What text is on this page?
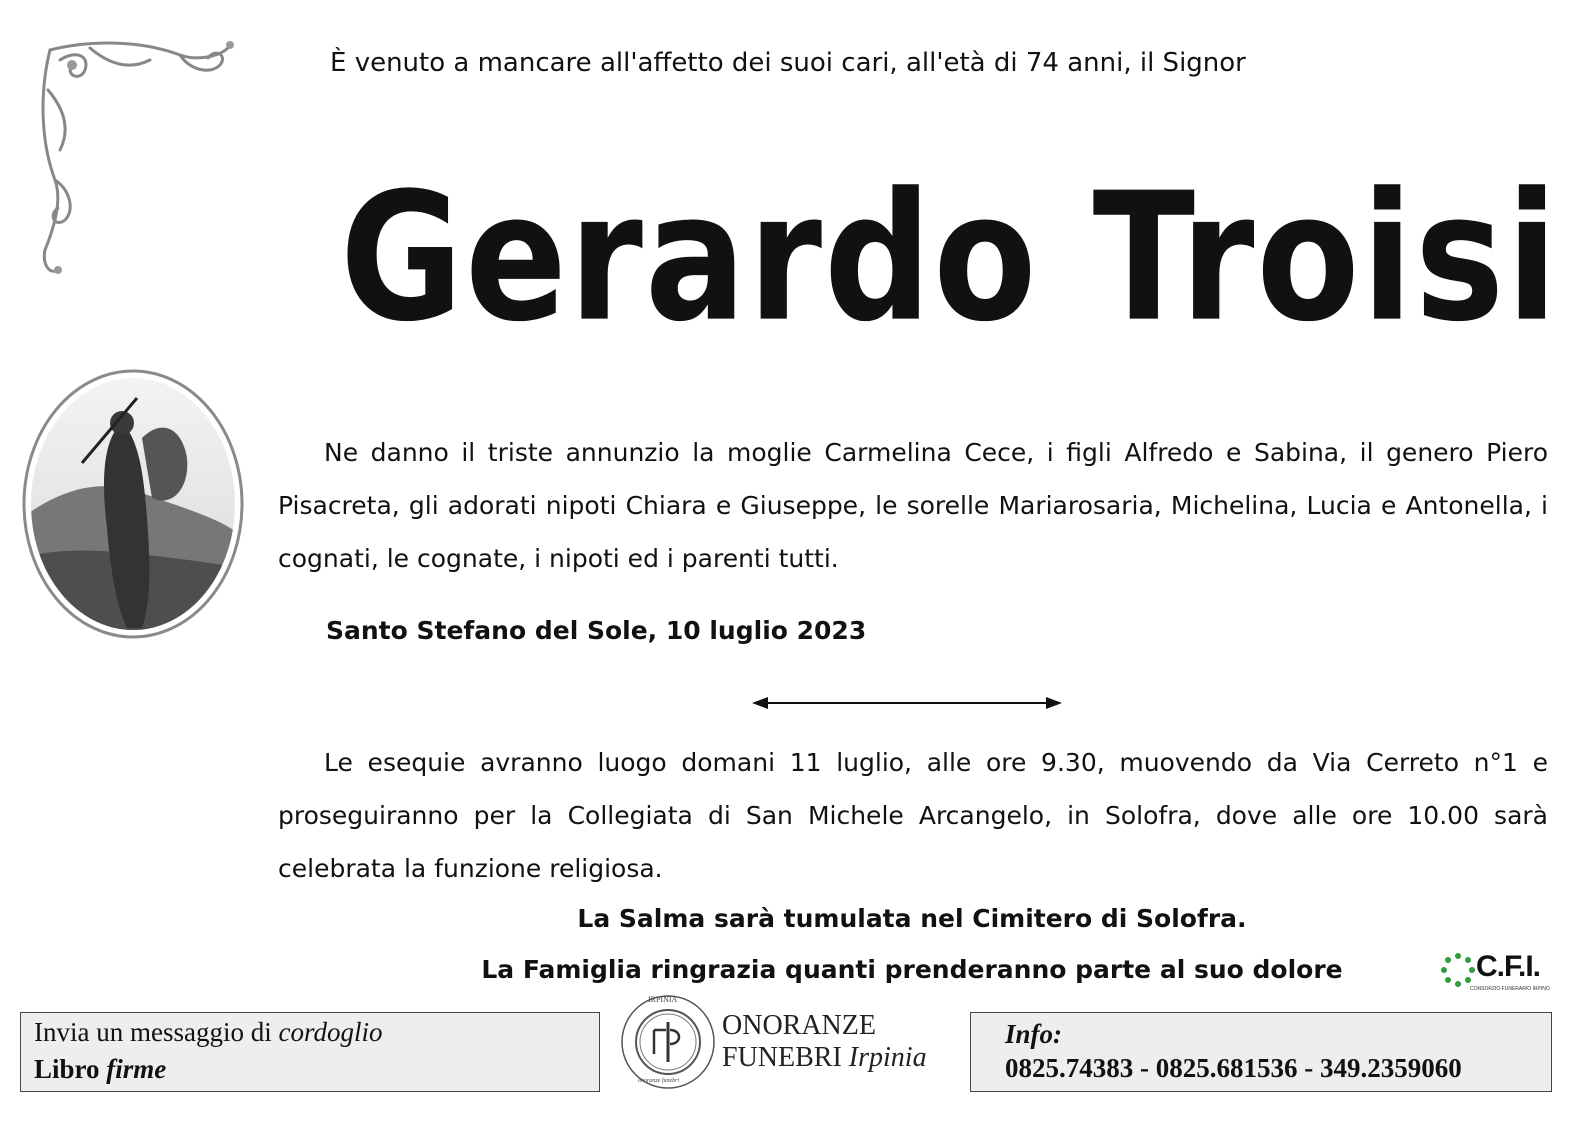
È venuto a mancare all'affetto dei suoi cari, all'età di 74 anni, il Signor
Gerardo Troisi
Ne danno il triste annunzio la moglie Carmelina Cece, i figli Alfredo e Sabina, il genero Piero Pisacreta, gli adorati nipoti Chiara e Giuseppe, le sorelle Mariarosaria, Michelina, Lucia e Antonella, i cognati, le cognate, i nipoti ed i parenti tutti.
Santo Stefano del Sole, 10 luglio 2023
Le esequie avranno luogo domani 11 luglio, alle ore 9.30, muovendo da Via Cerreto n°1 e proseguiranno per la Collegiata di San Michele Arcangelo, in Solofra, dove alle ore 10.00 sarà celebrata la funzione religiosa.
La Salma sarà tumulata nel Cimitero di Solofra.
La Famiglia ringrazia quanti prenderanno parte al suo dolore	C.F.I.
CONSORZIO FUNERARIO IRPINO
Invia un messaggio di cordoglio
Libro firme
IRPINIA
onoranze funebri
ONORANZE
FUNEBRI Irpinia
Info:
0825.74383 - 0825.681536 - 349.2359060
